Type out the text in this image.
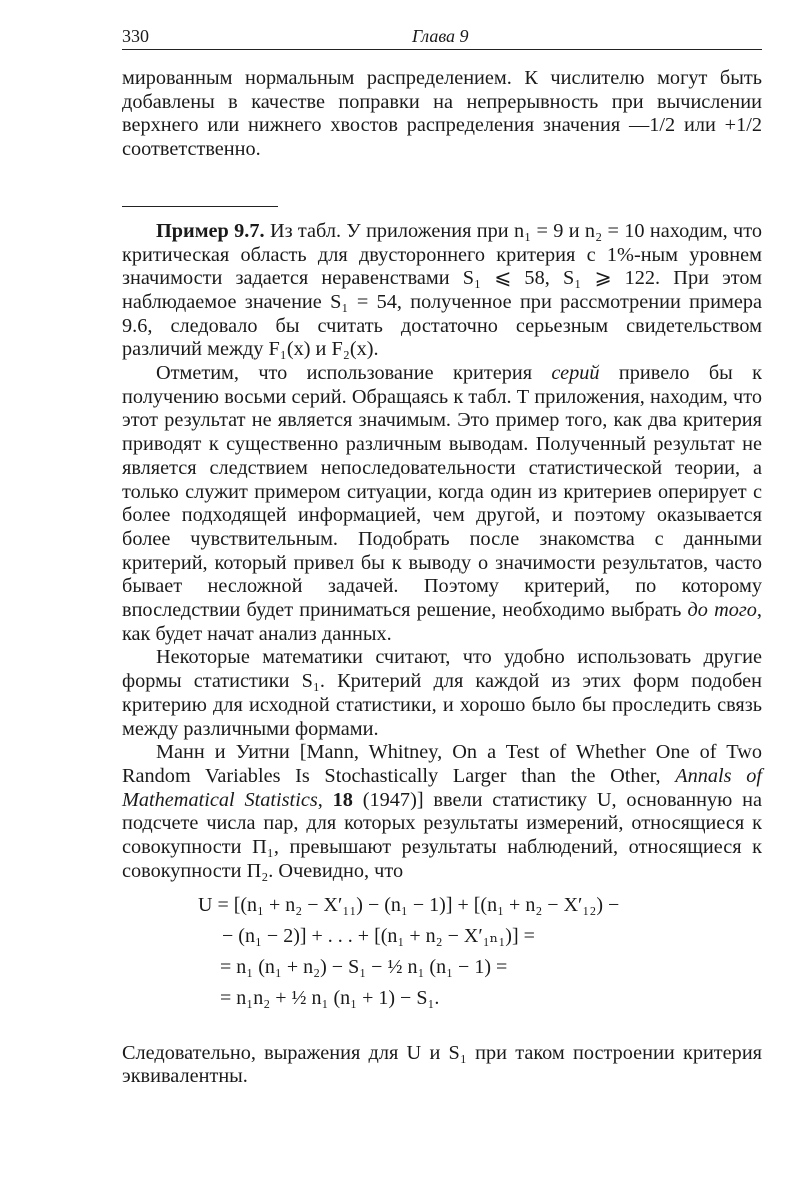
330	Глава 9

мированным нормальным распределением. К числителю могут быть добавлены в качестве поправки на непрерывность при вычислении верхнего или нижнего хвостов распределения значения —1/2 или +1/2 соответственно.

Пример 9.7. Из табл. У приложения при n₁ = 9 и n₂ = 10 находим, что критическая область для двустороннего критерия с 1%-ным уровнем значимости задается неравенствами S₁ ⩽ 58, S₁ ⩾ 122. При этом наблюдаемое значение S₁ = 54, полученное при рассмотрении примера 9.6, следовало бы считать достаточно серьезным свидетельством различий между F₁(x) и F₂(x).

Отметим, что использование критерия серий привело бы к получению восьми серий. Обращаясь к табл. Т приложения, находим, что этот результат не является значимым. Это пример того, как два критерия приводят к существенно различным выводам. Полученный результат не является следствием непоследовательности статистической теории, а только служит примером ситуации, когда один из критериев оперирует с более подходящей информацией, чем другой, и поэтому оказывается более чувствительным. Подобрать после знакомства с данными критерий, который привел бы к выводу о значимости результатов, часто бывает несложной задачей. Поэтому критерий, по которому впоследствии будет приниматься решение, необходимо выбрать до того, как будет начат анализ данных.

Некоторые математики считают, что удобно использовать другие формы статистики S₁. Критерий для каждой из этих форм подобен критерию для исходной статистики, и хорошо было бы проследить связь между различными формами.

Манн и Уитни [Mann, Whitney, On a Test of Whether One of Two Random Variables Is Stochastically Larger than the Other, Annals of Mathematical Statistics, 18 (1947)] ввели статистику U, основанную на подсчете числа пар, для которых результаты измерений, относящиеся к совокупности Π₁, превышают результаты наблюдений, относящиеся к совокупности Π₂. Очевидно, что

U = [(n₁ + n₂ − X′₁₁) − (n₁ − 1)] + [(n₁ + n₂ − X′₁₂) −
− (n₁ − 2)] + . . . + [(n₁ + n₂ − X′₁ₙ₁)] =
= n₁ (n₁ + n₂) − S₁ − ½ n₁ (n₁ − 1) =
= n₁n₂ + ½ n₁ (n₁ + 1) − S₁.

Следовательно, выражения для U и S₁ при таком построении критерия эквивалентны.
